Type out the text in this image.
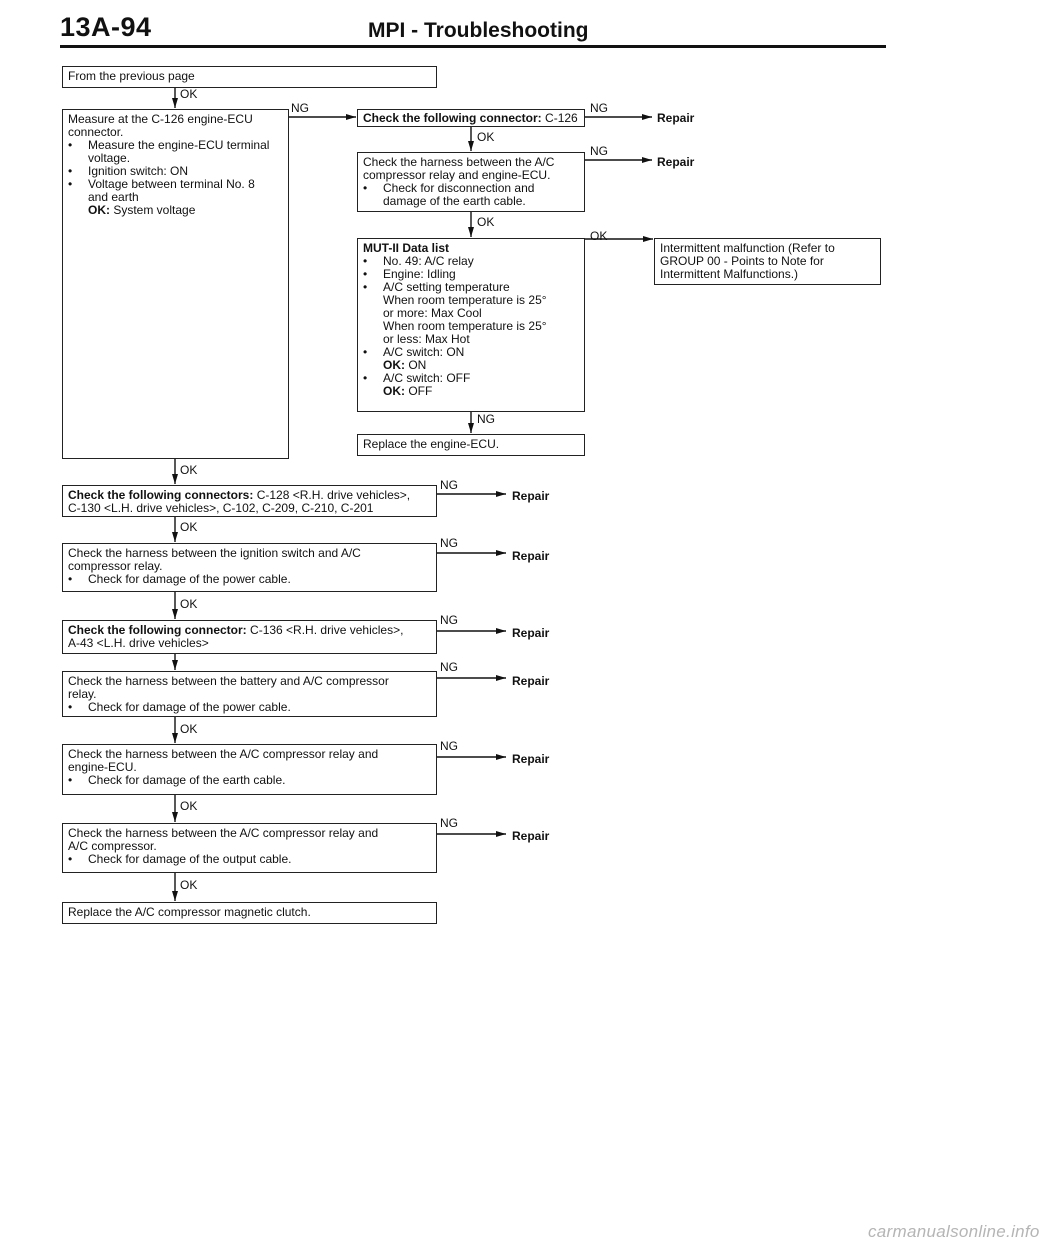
13A-94	MPI - Troubleshooting
From the previous page
Measure at the C-126 engine-ECU
connector.
•	Measure the engine-ECU terminal
voltage.
•	Ignition switch: ON
•	Voltage between terminal No. 8
and earth
OK: System voltage
Check the following connector: C-126
Check the harness between the A/C
compressor relay and engine-ECU.
•	Check for disconnection and
damage of the earth cable.
MUT-II Data list
•	No. 49: A/C relay
•	Engine: Idling
•	A/C setting temperature
When room temperature is 25°
or more: Max Cool
When room temperature is 25°
or less: Max Hot
•	A/C switch: ON
OK: ON
•	A/C switch: OFF
OK: OFF
Intermittent malfunction (Refer to
GROUP 00 - Points to Note for
Intermittent Malfunctions.)
Replace the engine-ECU.
Check the following connectors: C-128 <R.H. drive vehicles>,
C-130 <L.H. drive vehicles>, C-102, C-209, C-210, C-201
Check the harness between the ignition switch and A/C
compressor relay.
•	Check for damage of the power cable.
Check the following connector: C-136 <R.H. drive vehicles>,
A-43 <L.H. drive vehicles>
Check the harness between the battery and A/C compressor
relay.
•	Check for damage of the power cable.
Check the harness between the A/C compressor relay and
engine-ECU.
•	Check for damage of the earth cable.
Check the harness between the A/C compressor relay and
A/C compressor.
•	Check for damage of the output cable.
Replace the A/C compressor magnetic clutch.
OK
NG	NG
OK
NG
OK
OK
NG
OK
NG
OK
NG
OK
NG
NG
OK
NG
OK
NG
OK
Repair
Repair
Repair
Repair
Repair
Repair
Repair
Repair
carmanualsonline.info
